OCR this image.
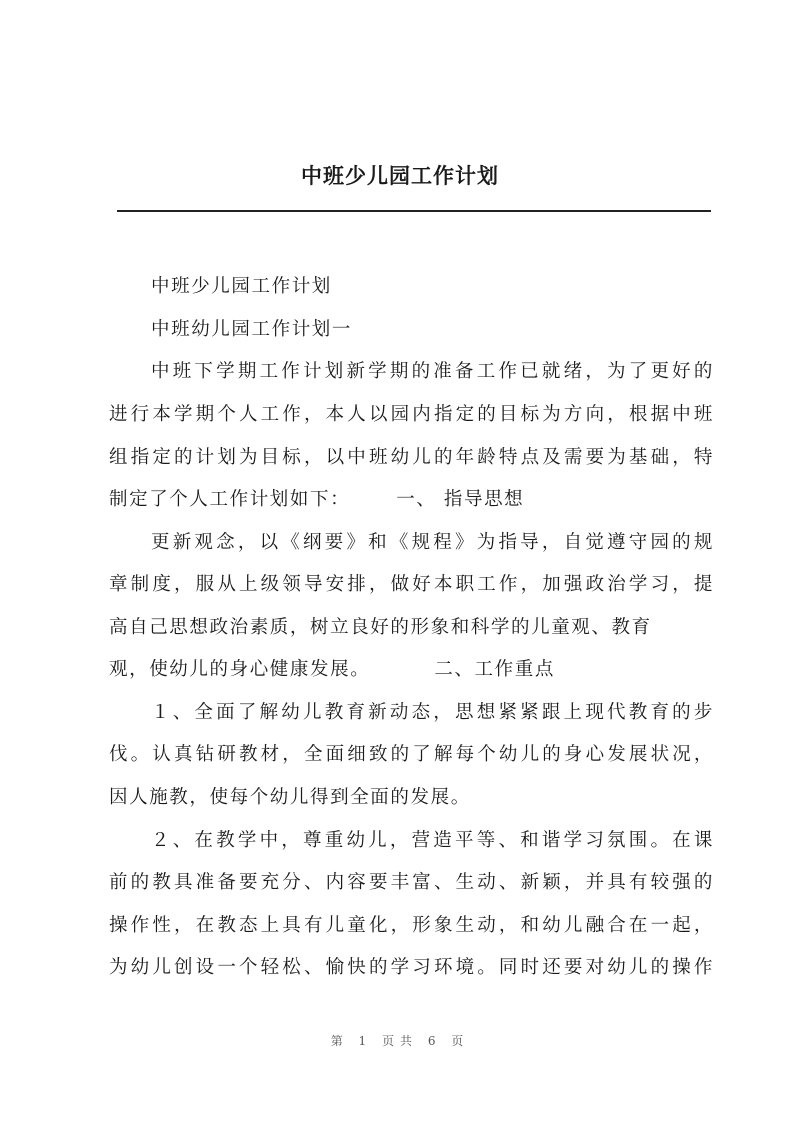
中班少儿园工作计划
中班少儿园工作计划
中班幼儿园工作计划一
中班下学期工作计划新学期的准备工作已就绪，为了更好的
进行本学期个人工作，本人以园内指定的目标为方向，根据中班
组指定的计划为目标，以中班幼儿的年龄特点及需要为基础，特
制定了个人工作计划如下： 一、 指导思想
更新观念，以《纲要》和《规程》为指导，自觉遵守园的规
章制度，服从上级领导安排，做好本职工作，加强政治学习，提
高自己思想政治素质，树立良好的形象和科学的儿童观、教育
观，使幼儿的身心健康发展。	二、工作重点
１、全面了解幼儿教育新动态，思想紧紧跟上现代教育的步
伐。认真钻研教材，全面细致的了解每个幼儿的身心发展状况，
因人施教，使每个幼儿得到全面的发展。
２、在教学中，尊重幼儿，营造平等、和谐学习氛围。在课
前的教具准备要充分、内容要丰富、生动、新颖，并具有较强的
操作性，在教态上具有儿童化，形象生动，和幼儿融合在一起，
为幼儿创设一个轻松、愉快的学习环境。同时还要对幼儿的操作
第 1 页共 6 页
